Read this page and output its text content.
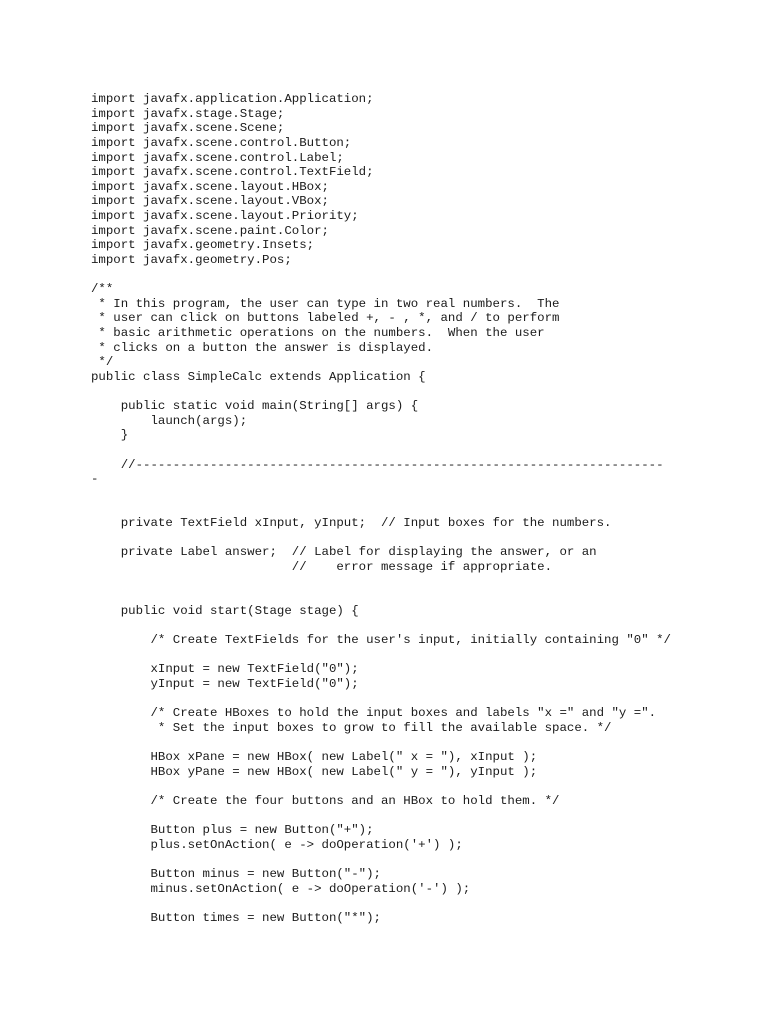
import javafx.application.Application;
import javafx.stage.Stage;
import javafx.scene.Scene;
import javafx.scene.control.Button;
import javafx.scene.control.Label;
import javafx.scene.control.TextField;
import javafx.scene.layout.HBox;
import javafx.scene.layout.VBox;
import javafx.scene.layout.Priority;
import javafx.scene.paint.Color;
import javafx.geometry.Insets;
import javafx.geometry.Pos;
/**
* In this program, the user can type in two real numbers.  The
* user can click on buttons labeled +, - , *, and / to perform
* basic arithmetic operations on the numbers.  When the user
* clicks on a button the answer is displayed.
*/
public class SimpleCalc extends Application {
public static void main(String[] args) {
launch(args);
}
//-----------------------------------------------------------------------
-
private TextField xInput, yInput;  // Input boxes for the numbers.
private Label answer;  // Label for displaying the answer, or an
//    error message if appropriate.
public void start(Stage stage) {
/* Create TextFields for the user's input, initially containing "0" */
xInput = new TextField("0");
yInput = new TextField("0");
/* Create HBoxes to hold the input boxes and labels "x =" and "y =".
* Set the input boxes to grow to fill the available space. */
HBox xPane = new HBox( new Label(" x = "), xInput );
HBox yPane = new HBox( new Label(" y = "), yInput );
/* Create the four buttons and an HBox to hold them. */
Button plus = new Button("+");
plus.setOnAction( e -> doOperation('+') );
Button minus = new Button("-");
minus.setOnAction( e -> doOperation('-') );
Button times = new Button("*");
